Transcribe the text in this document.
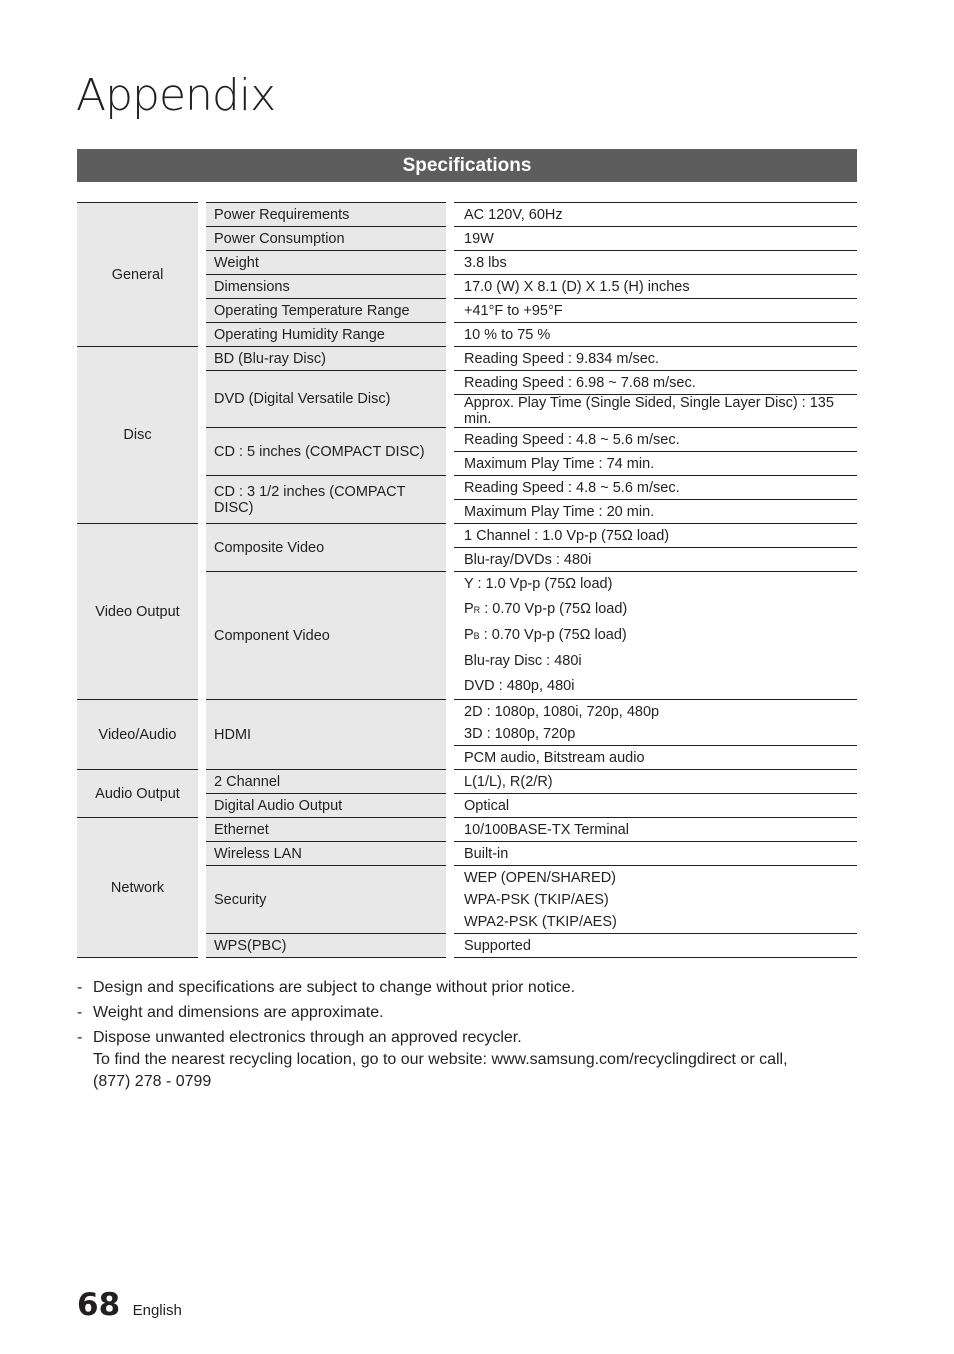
Appendix
Specifications
General	Power Requirements	AC 120V, 60Hz
	Power Consumption	19W
	Weight	3.8 lbs
	Dimensions	17.0 (W) X 8.1 (D) X 1.5 (H) inches
	Operating Temperature Range	+41°F to +95°F
	Operating Humidity Range	10 % to 75 %
Disc	BD (Blu-ray Disc)	Reading Speed : 9.834 m/sec.
	DVD (Digital Versatile Disc)	Reading Speed : 6.98 ~ 7.68 m/sec.
		Approx. Play Time (Single Sided, Single Layer Disc) : 135 min.
	CD : 5 inches (COMPACT DISC)	Reading Speed : 4.8 ~ 5.6 m/sec.
		Maximum Play Time : 74 min.
	CD : 3 1/2 inches (COMPACT DISC)	Reading Speed : 4.8 ~ 5.6 m/sec.
		Maximum Play Time : 20 min.
Video Output	Composite Video	1 Channel : 1.0 Vp-p (75Ω load)
		Blu-ray/DVDs : 480i
	Component Video	Y : 1.0 Vp-p (75Ω load)
PR : 0.70 Vp-p (75Ω load)
PB : 0.70 Vp-p (75Ω load)
Blu-ray Disc : 480i
DVD : 480p, 480i

Video/Audio	HDMI	2D : 1080p, 1080i, 720p, 480p
3D : 1080p, 720p

		PCM audio, Bitstream audio
Audio Output	2 Channel	L(1/L), R(2/R)
	Digital Audio Output	Optical
Network	Ethernet	10/100BASE-TX Terminal
	Wireless LAN	Built-in
	Security	WEP (OPEN/SHARED)
WPA-PSK (TKIP/AES)
WPA2-PSK (TKIP/AES)

	WPS(PBC)	Supported
- Design and specifications are subject to change without prior notice.
- Weight and dimensions are approximate.
- Dispose unwanted electronics through an approved recycler.
To find the nearest recycling location, go to our website: www.samsung.com/recyclingdirect or call,
(877) 278 - 0799
68 English
